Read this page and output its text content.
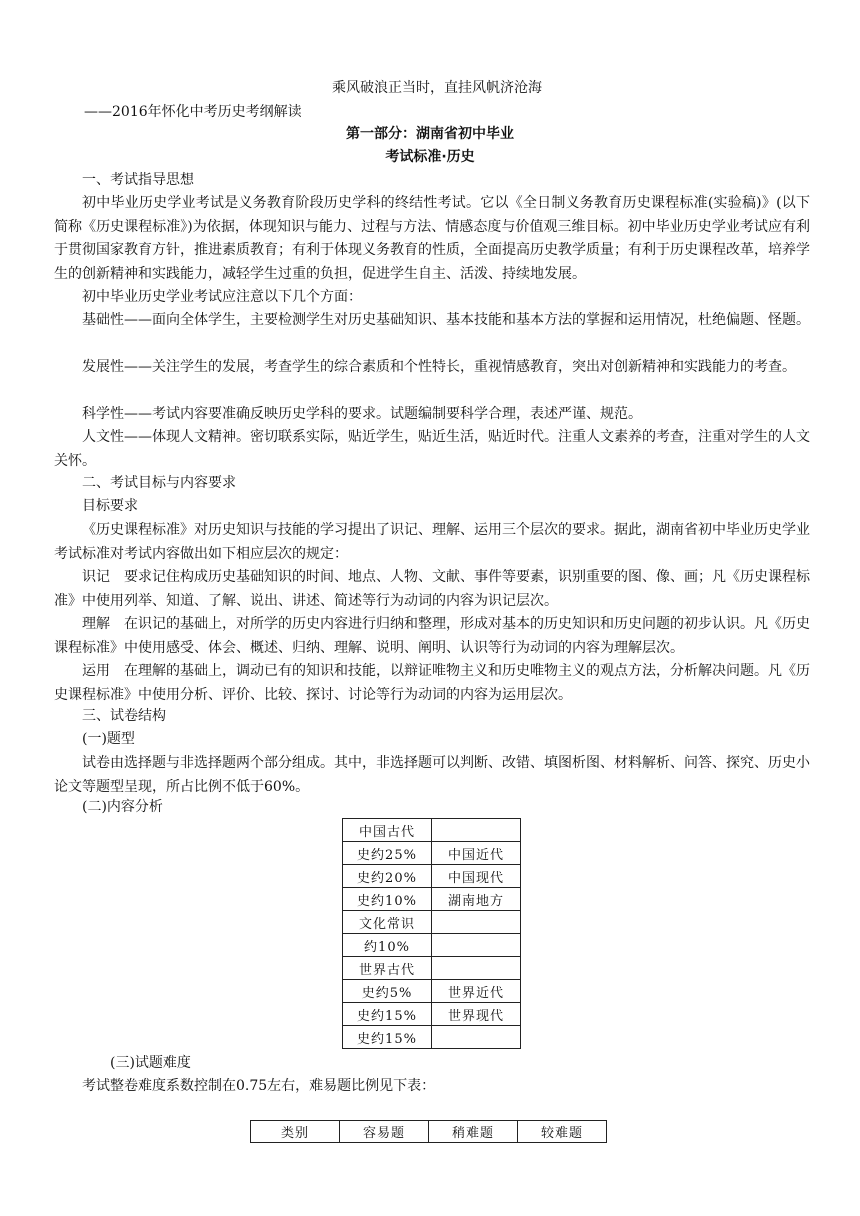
乘风破浪正当时，直挂风帆济沧海
——2016年怀化中考历史考纲解读
第一部分：湖南省初中毕业
考试标准·历史
一、考试指导思想
初中毕业历史学业考试是义务教育阶段历史学科的终结性考试。它以《全日制义务教育历史课程标准(实验稿)》(以下简称《历史课程标准》)为依据，体现知识与能力、过程与方法、情感态度与价值观三维目标。初中毕业历史学业考试应有利于贯彻国家教育方针，推进素质教育；有利于体现义务教育的性质，全面提高历史教学质量；有利于历史课程改革，培养学生的创新精神和实践能力，减轻学生过重的负担，促进学生自主、活泼、持续地发展。
初中毕业历史学业考试应注意以下几个方面：
基础性——面向全体学生，主要检测学生对历史基础知识、基本技能和基本方法的掌握和运用情况，杜绝偏题、怪题。
发展性——关注学生的发展，考查学生的综合素质和个性特长，重视情感教育，突出对创新精神和实践能力的考查。
科学性——考试内容要准确反映历史学科的要求。试题编制要科学合理，表述严谨、规范。
人文性——体现人文精神。密切联系实际，贴近学生，贴近生活，贴近时代。注重人文素养的考查，注重对学生的人文关怀。
二、考试目标与内容要求
目标要求
《历史课程标准》对历史知识与技能的学习提出了识记、理解、运用三个层次的要求。据此，湖南省初中毕业历史学业考试标准对考试内容做出如下相应层次的规定：
识记　要求记住构成历史基础知识的时间、地点、人物、文献、事件等要素，识别重要的图、像、画；凡《历史课程标准》中使用列举、知道、了解、说出、讲述、简述等行为动词的内容为识记层次。
理解　在识记的基础上，对所学的历史内容进行归纳和整理，形成对基本的历史知识和历史问题的初步认识。凡《历史课程标准》中使用感受、体会、概述、归纳、理解、说明、阐明、认识等行为动词的内容为理解层次。
运用　在理解的基础上，调动已有的知识和技能，以辩证唯物主义和历史唯物主义的观点方法，分析解决问题。凡《历史课程标准》中使用分析、评价、比较、探讨、讨论等行为动词的内容为运用层次。
三、试卷结构
(一)题型
试卷由选择题与非选择题两个部分组成。其中，非选择题可以判断、改错、填图析图、材料解析、问答、探究、历史小论文等题型呈现，所占比例不低于60%。
(二)内容分析
中国古代	
史约25%	中国近代
史约20%	中国现代
史约10%	湖南地方
文化常识	
约10%	
世界古代	
史约5%	世界近代
史约15%	世界现代
史约15%	
(三)试题难度
考试整卷难度系数控制在0.75左右，难易题比例见下表：
类别	容易题	稍难题	较难题
